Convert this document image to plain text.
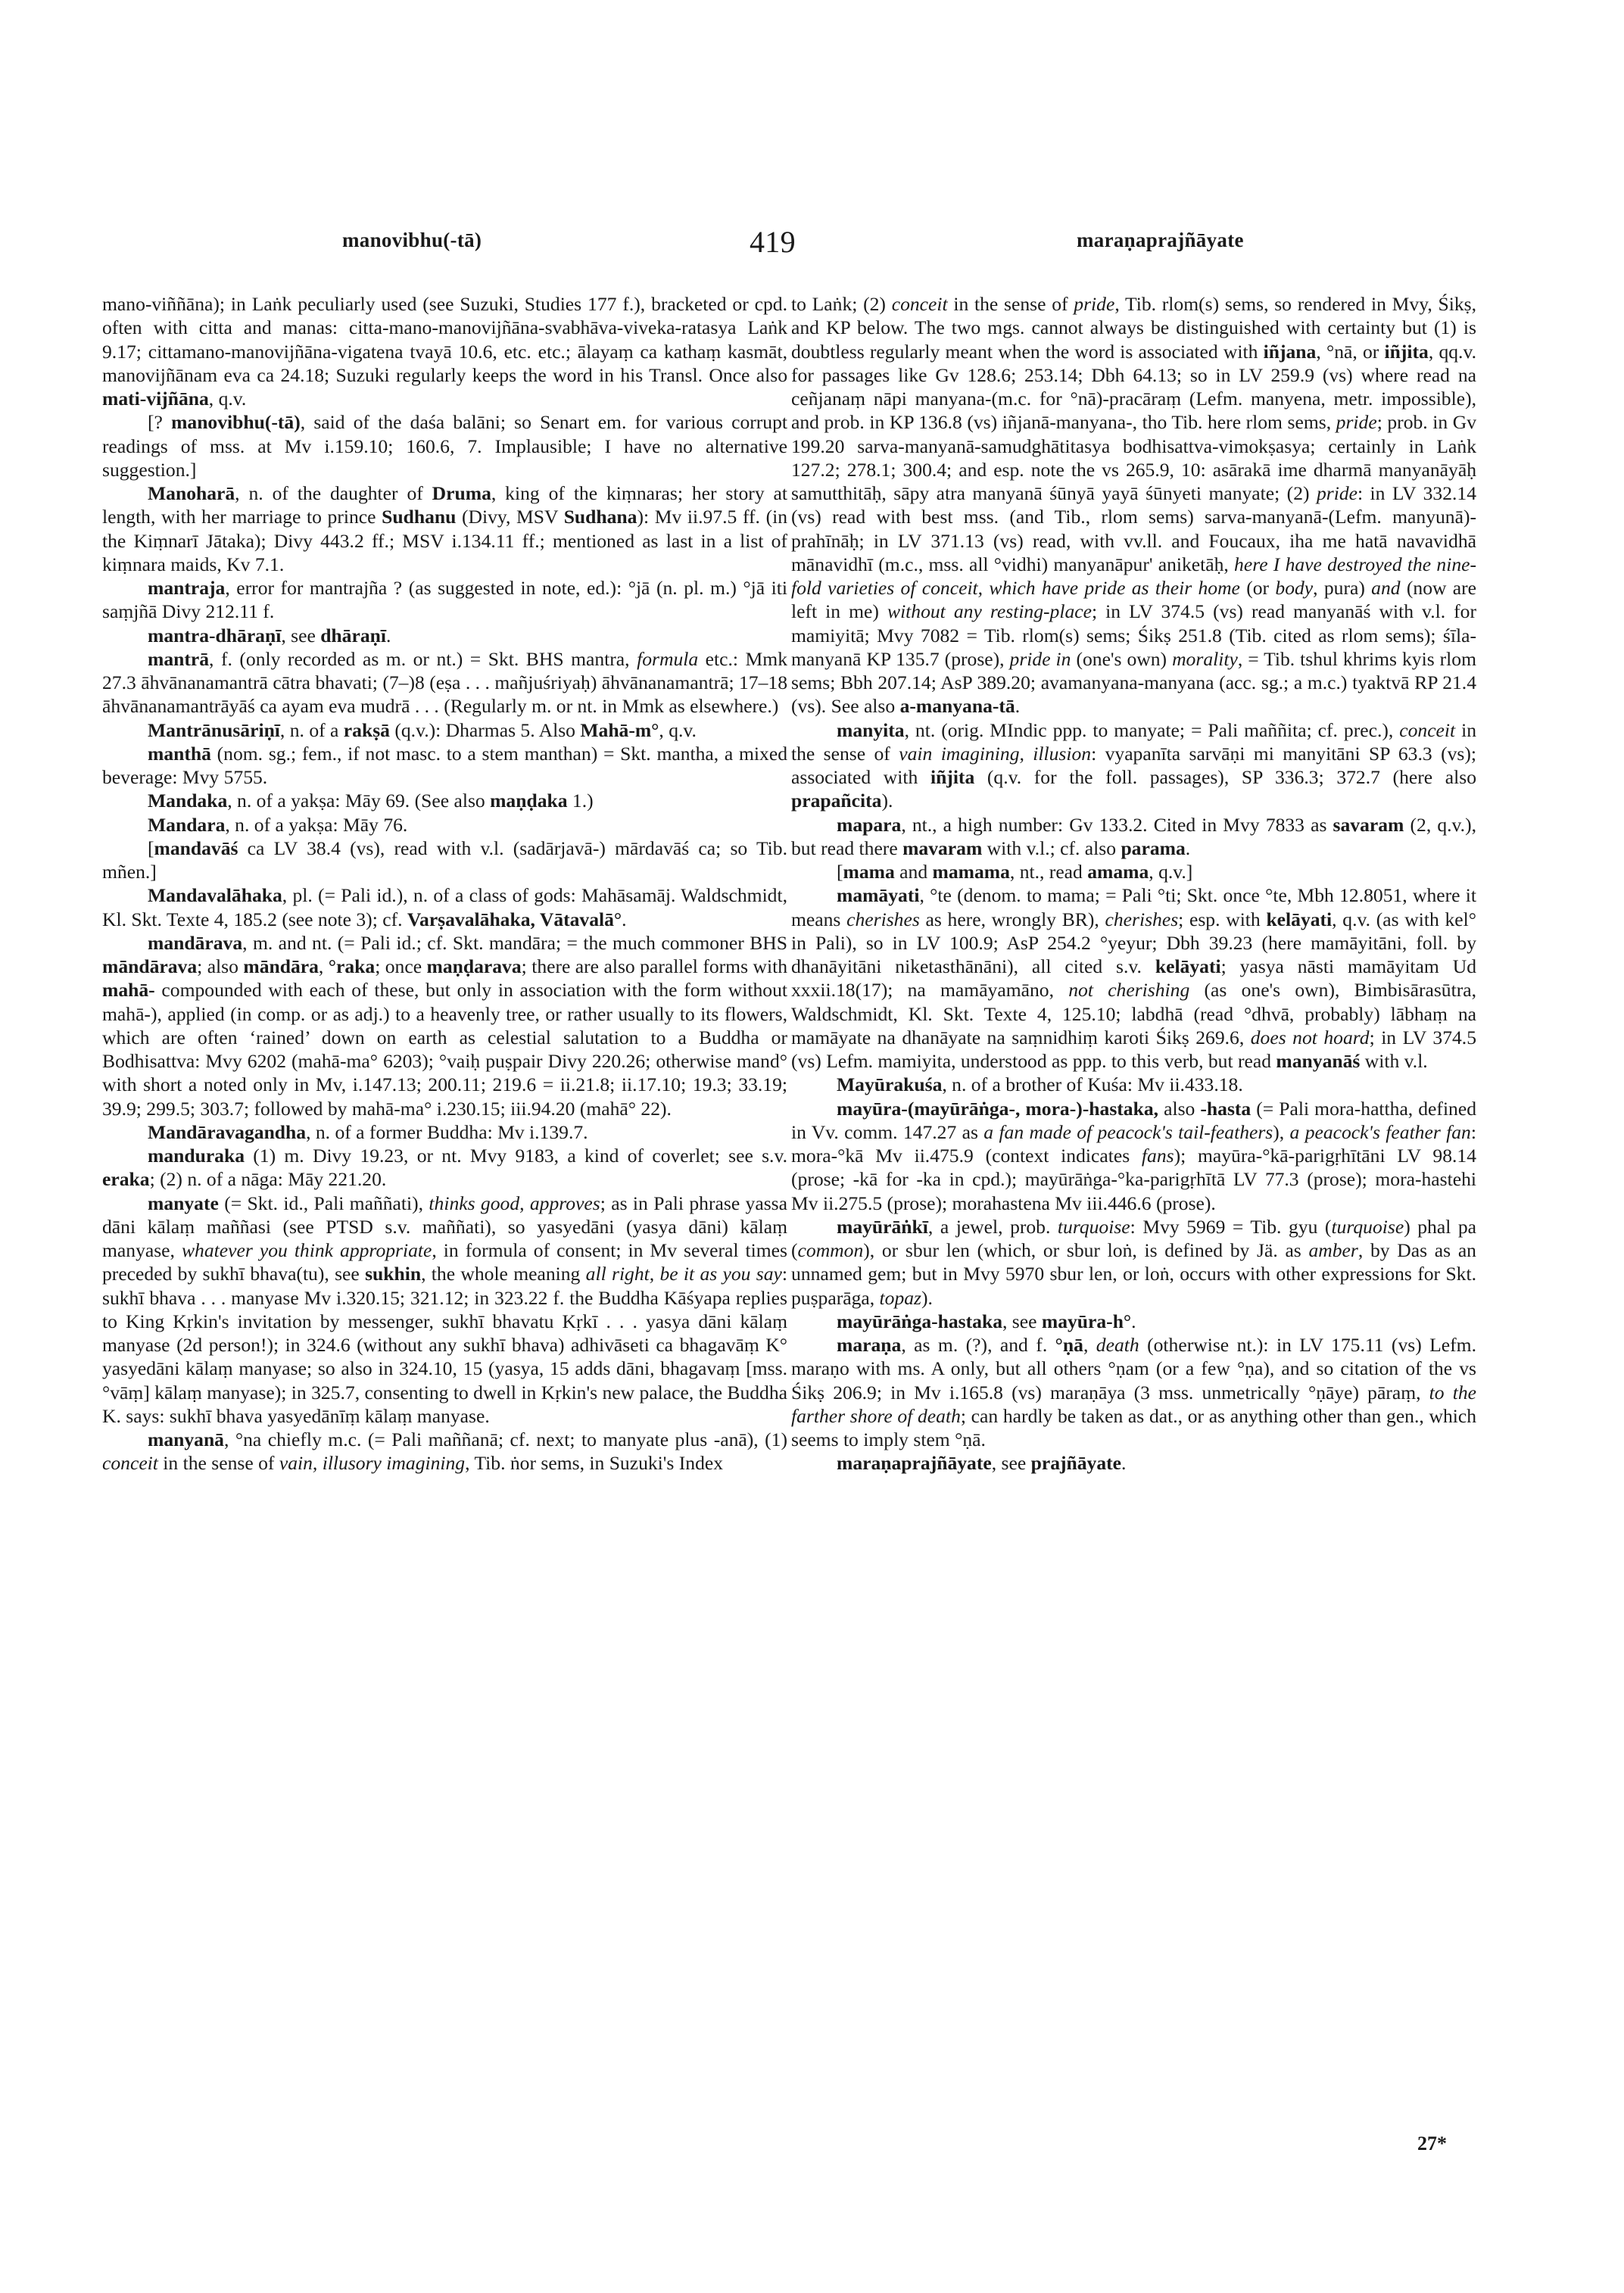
manovibhu(-tā)	419	maraṇaprajñāyate

mano-viññāna); in Laṅk peculiarly used (see Suzuki, Studies 177 f.), bracketed or cpd. often with citta and manas: citta-mano-manovijñāna-svabhāva-viveka-ratasya Laṅk 9.17; cittamano-manovijñāna-vigatena tvayā 10.6, etc. etc.; ālayaṃ ca kathaṃ kasmāt, manovijñānam eva ca 24.18; Suzuki regularly keeps the word in his Transl. Once also mati-vijñāna, q.v.

[? manovibhu(-tā), said of the daśa balāni; so Senart em. for various corrupt readings of mss. at Mv i.159.10; 160.6, 7. Implausible; I have no alternative suggestion.]

Manoharā, n. of the daughter of Druma, king of the kiṃnaras; her story at length, with her marriage to prince Sudhanu (Divy, MSV Sudhana): Mv ii.97.5 ff. (in the Kiṃnarī Jātaka); Divy 443.2 ff.; MSV i.134.11 ff.; mentioned as last in a list of kiṃnara maids, Kv 7.1.

mantraja, error for mantrajña ? (as suggested in note, ed.): °jā (n. pl. m.) °jā iti saṃjñā Divy 212.11 f.

mantra-dhāraṇī, see dhāraṇī.

mantrā, f. (only recorded as m. or nt.) = Skt. BHS mantra, formula etc.: Mmk 27.3 āhvānanamantrā cātra bhavati; (7–)8 (eṣa . . . mañjuśriyaḥ) āhvānanamantrā; 17–18 āhvānanamantrāyāś ca ayam eva mudrā . . . (Regularly m. or nt. in Mmk as elsewhere.)

Mantrānusāriṇī, n. of a rakṣā (q.v.): Dharmas 5. Also Mahā-m°, q.v.

manthā (nom. sg.; fem., if not masc. to a stem manthan) = Skt. mantha, a mixed beverage: Mvy 5755.

Mandaka, n. of a yakṣa: Māy 69. (See also maṇḍaka 1.)

Mandara, n. of a yakṣa: Māy 76.

[mandavāś ca LV 38.4 (vs), read with v.l. (sadārjavā-) mārdavāś ca; so Tib. mñen.]

Mandavalāhaka, pl. (= Pali id.), n. of a class of gods: Mahāsamāj. Waldschmidt, Kl. Skt. Texte 4, 185.2 (see note 3); cf. Varṣavalāhaka, Vātavalā°.

mandārava, m. and nt. (= Pali id.; cf. Skt. mandāra; = the much commoner BHS māndārava; also māndāra, °raka; once maṇḍarava; there are also parallel forms with mahā- compounded with each of these, but only in association with the form without mahā-), applied (in comp. or as adj.) to a heavenly tree, or rather usually to its flowers, which are often ‘rained’ down on earth as celestial salutation to a Buddha or Bodhisattva: Mvy 6202 (mahā-ma° 6203); °vaiḥ puṣpair Divy 220.26; otherwise mand° with short a noted only in Mv, i.147.13; 200.11; 219.6 = ii.21.8; ii.17.10; 19.3; 33.19; 39.9; 299.5; 303.7; followed by mahā-ma° i.230.15; iii.94.20 (mahā° 22).

Mandāravagandha, n. of a former Buddha: Mv i.139.7.

manduraka (1) m. Divy 19.23, or nt. Mvy 9183, a kind of coverlet; see s.v. eraka; (2) n. of a nāga: Māy 221.20.

manyate (= Skt. id., Pali maññati), thinks good, approves; as in Pali phrase yassa dāni kālaṃ maññasi (see PTSD s.v. maññati), so yasyedāni (yasya dāni) kālaṃ manyase, whatever you think appropriate, in formula of consent; in Mv several times preceded by sukhī bhava(tu), see sukhin, the whole meaning all right, be it as you say: sukhī bhava . . . manyase Mv i.320.15; 321.12; in 323.22 f. the Buddha Kāśyapa replies to King Kṛkin's invitation by messenger, sukhī bhavatu Kṛkī . . . yasya dāni kālaṃ manyase (2d person!); in 324.6 (without any sukhī bhava) adhivāseti ca bhagavāṃ K° yasyedāni kālaṃ manyase; so also in 324.10, 15 (yasya, 15 adds dāni, bhagavaṃ [mss. °vāṃ] kālaṃ manyase); in 325.7, consenting to dwell in Kṛkin's new palace, the Buddha K. says: sukhī bhava yasyedānīṃ kālaṃ manyase.

manyanā, °na chiefly m.c. (= Pali maññanā; cf. next; to manyate plus -anā), (1) conceit in the sense of vain, illusory imagining, Tib. ṅor sems, in Suzuki's Index

to Laṅk; (2) conceit in the sense of pride, Tib. rlom(s) sems, so rendered in Mvy, Śikṣ, and KP below. The two mgs. cannot always be distinguished with certainty but (1) is doubtless regularly meant when the word is associated with iñjana, °nā, or iñjita, qq.v. for passages like Gv 128.6; 253.14; Dbh 64.13; so in LV 259.9 (vs) where read na ceñjanaṃ nāpi manyana-(m.c. for °nā)-pracāraṃ (Lefm. manyena, metr. impossible), and prob. in KP 136.8 (vs) iñjanā-manyana-, tho Tib. here rlom sems, pride; prob. in Gv 199.20 sarva-manyanā-samudghātitasya bodhisattva-vimokṣasya; certainly in Laṅk 127.2; 278.1; 300.4; and esp. note the vs 265.9, 10: asārakā ime dharmā manyanāyāḥ samutthitāḥ, sāpy atra manyanā śūnyā yayā śūnyeti manyate; (2) pride: in LV 332.14 (vs) read with best mss. (and Tib., rlom sems) sarva-manyanā-(Lefm. manyunā)-prahīnāḥ; in LV 371.13 (vs) read, with vv.ll. and Foucaux, iha me hatā navavidhā mānavidhī (m.c., mss. all °vidhi) manyanāpur' aniketāḥ, here I have destroyed the nine-fold varieties of conceit, which have pride as their home (or body, pura) and (now are left in me) without any resting-place; in LV 374.5 (vs) read manyanāś with v.l. for mamiyitā; Mvy 7082 = Tib. rlom(s) sems; Śikṣ 251.8 (Tib. cited as rlom sems); śīla-manyanā KP 135.7 (prose), pride in (one's own) morality, = Tib. tshul khrims kyis rlom sems; Bbh 207.14; AsP 389.20; avamanyana-manyana (acc. sg.; a m.c.) tyaktvā RP 21.4 (vs). See also a-manyana-tā.

manyita, nt. (orig. MIndic ppp. to manyate; = Pali maññita; cf. prec.), conceit in the sense of vain imagining, illusion: vyapanīta sarvāṇi mi manyitāni SP 63.3 (vs); associated with iñjita (q.v. for the foll. passages), SP 336.3; 372.7 (here also prapañcita).

mapara, nt., a high number: Gv 133.2. Cited in Mvy 7833 as savaram (2, q.v.), but read there mavaram with v.l.; cf. also parama.

[mama and mamama, nt., read amama, q.v.]

mamāyati, °te (denom. to mama; = Pali °ti; Skt. once °te, Mbh 12.8051, where it means cherishes as here, wrongly BR), cherishes; esp. with kelāyati, q.v. (as with kel° in Pali), so in LV 100.9; AsP 254.2 °yeyur; Dbh 39.23 (here mamāyitāni, foll. by dhanāyitāni niketasthānāni), all cited s.v. kelāyati; yasya nāsti mamāyitam Ud xxxii.18(17); na mamāyamāno, not cherishing (as one's own), Bimbisārasūtra, Waldschmidt, Kl. Skt. Texte 4, 125.10; labdhā (read °dhvā, probably) lābhaṃ na mamāyate na dhanāyate na saṃnidhiṃ karoti Śikṣ 269.6, does not hoard; in LV 374.5 (vs) Lefm. mamiyita, understood as ppp. to this verb, but read manyanāś with v.l.

Mayūrakuśa, n. of a brother of Kuśa: Mv ii.433.18.

mayūra-(mayūrāṅga-, mora-)-hastaka, also -hasta (= Pali mora-hattha, defined in Vv. comm. 147.27 as a fan made of peacock's tail-feathers), a peacock's feather fan: mora-°kā Mv ii.475.9 (context indicates fans); mayūra-°kā-parigṛhītāni LV 98.14 (prose; -kā for -ka in cpd.); mayūrāṅga-°ka-parigṛhītā LV 77.3 (prose); mora-hastehi Mv ii.275.5 (prose); morahastena Mv iii.446.6 (prose).

mayūrāṅkī, a jewel, prob. turquoise: Mvy 5969 = Tib. gyu (turquoise) phal pa (common), or sbur len (which, or sbur loṅ, is defined by Jä. as amber, by Das as an unnamed gem; but in Mvy 5970 sbur len, or loṅ, occurs with other expressions for Skt. puṣparāga, topaz).

mayūrāṅga-hastaka, see mayūra-h°.

maraṇa, as m. (?), and f. °ṇā, death (otherwise nt.): in LV 175.11 (vs) Lefm. maraṇo with ms. A only, but all others °ṇam (or a few °ṇa), and so citation of the vs Śikṣ 206.9; in Mv i.165.8 (vs) maraṇāya (3 mss. unmetrically °ṇāye) pāraṃ, to the farther shore of death; can hardly be taken as dat., or as anything other than gen., which seems to imply stem °ṇā.

maraṇaprajñāyate, see prajñāyate.

27*
